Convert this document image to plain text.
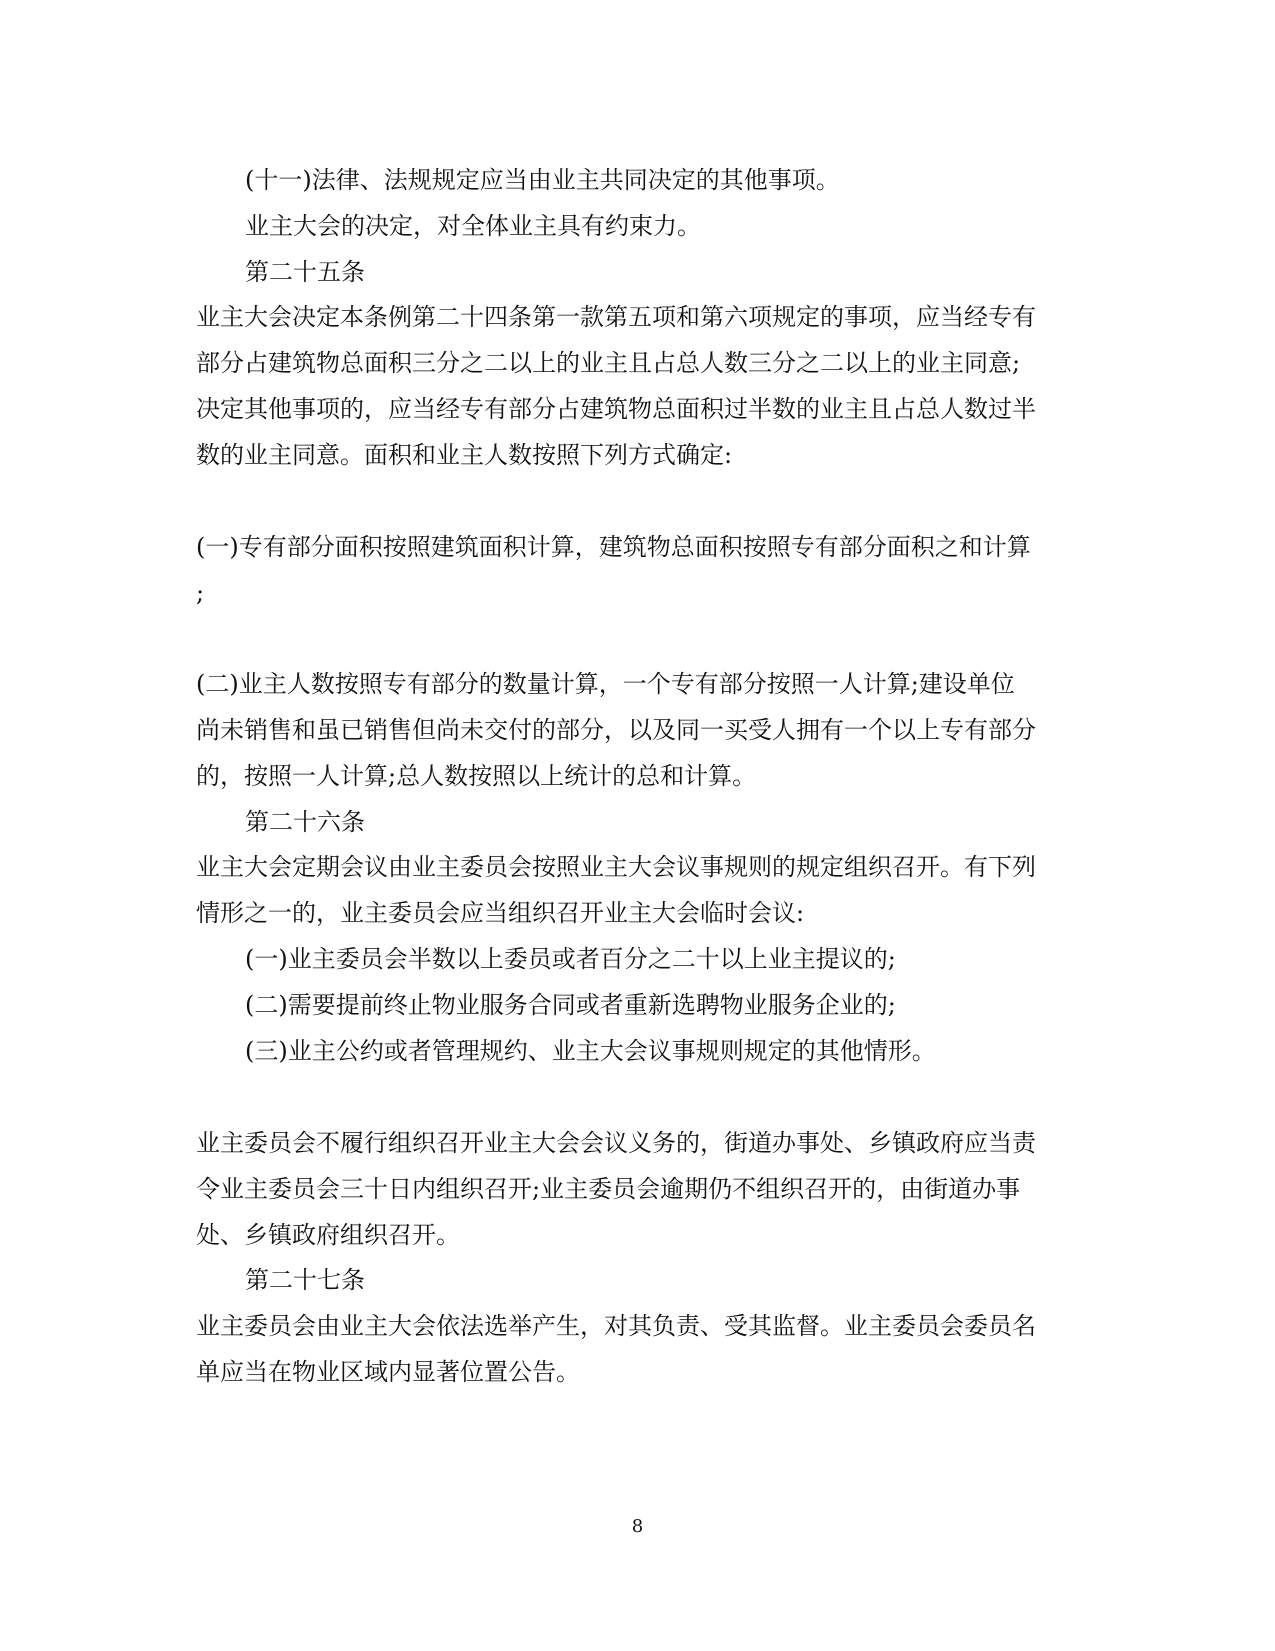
(十一)法律、法规规定应当由业主共同决定的其他事项。
业主大会的决定，对全体业主具有约束力。
第二十五条
业主大会决定本条例第二十四条第一款第五项和第六项规定的事项，应当经专有
部分占建筑物总面积三分之二以上的业主且占总人数三分之二以上的业主同意;
决定其他事项的，应当经专有部分占建筑物总面积过半数的业主且占总人数过半
数的业主同意。面积和业主人数按照下列方式确定:
(一)专有部分面积按照建筑面积计算，建筑物总面积按照专有部分面积之和计算
;
(二)业主人数按照专有部分的数量计算，一个专有部分按照一人计算;建设单位
尚未销售和虽已销售但尚未交付的部分，以及同一买受人拥有一个以上专有部分
的，按照一人计算;总人数按照以上统计的总和计算。
第二十六条
业主大会定期会议由业主委员会按照业主大会议事规则的规定组织召开。有下列
情形之一的，业主委员会应当组织召开业主大会临时会议:
(一)业主委员会半数以上委员或者百分之二十以上业主提议的;
(二)需要提前终止物业服务合同或者重新选聘物业服务企业的;
(三)业主公约或者管理规约、业主大会议事规则规定的其他情形。
业主委员会不履行组织召开业主大会会议义务的，街道办事处、乡镇政府应当责
令业主委员会三十日内组织召开;业主委员会逾期仍不组织召开的，由街道办事
处、乡镇政府组织召开。
第二十七条
业主委员会由业主大会依法选举产生，对其负责、受其监督。业主委员会委员名
单应当在物业区域内显著位置公告。
8
